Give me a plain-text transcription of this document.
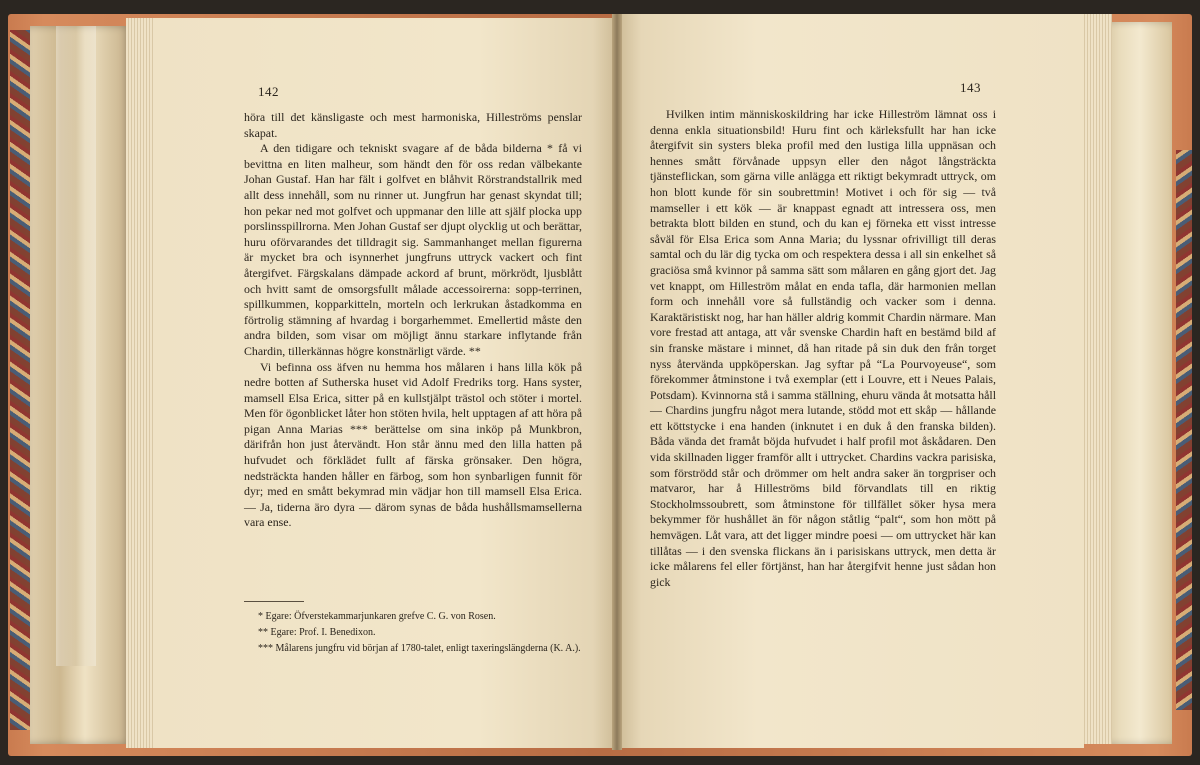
142

höra till det känsligaste och mest harmoniska, Hilleströms penslar skapat.

A den tidigare och tekniskt svagare af de båda bilderna * få vi bevittna en liten malheur, som händt den för oss redan välbekante Johan Gustaf. Han har fält i golfvet en blåhvit Rörstrandstallrik med allt dess innehåll, som nu rinner ut. Jungfrun har genast skyndat till; hon pekar ned mot golfvet och uppmanar den lille att själf plocka upp porslinsspillrorna. Men Johan Gustaf ser djupt olycklig ut och berättar, huru oförvarandes det tilldragit sig. Sammanhanget mellan figurerna är mycket bra och isynnerhet jungfruns uttryck vackert och fint återgifvet. Färgskalans dämpade ackord af brunt, mörkrödt, ljusblått och hvitt samt de omsorgsfullt målade accessoirerna: sopp-terrinen, spillkummen, kopparkitteln, morteln och lerkrukan åstadkomma en förtrolig stämning af hvardag i borgarhemmet. Emellertid måste den andra bilden, som visar om möjligt ännu starkare inflytande från Chardin, tillerkännas högre konstnärligt värde. **

Vi befinna oss äfven nu hemma hos målaren i hans lilla kök på nedre botten af Sutherska huset vid Adolf Fredriks torg. Hans syster, mamsell Elsa Erica, sitter på en kullstjälpt trästol och stöter i mortel. Men för ögonblicket låter hon stöten hvila, helt upptagen af att höra på pigan Anna Marias *** berättelse om sina inköp på Munkbron, därifrån hon just återvändt. Hon står ännu med den lilla hatten på hufvudet och förklädet fullt af färska grönsaker. Den högra, nedsträckta handen håller en färbog, som hon synbarligen funnit för dyr; med en smått bekymrad min vädjar hon till mamsell Elsa Erica. — Ja, tiderna äro dyra — därom synas de båda hushållsmamsellerna vara ense.

* Egare: Öfverstekammarjunkaren grefve C. G. von Rosen.
** Egare: Prof. I. Benedixon.
*** Målarens jungfru vid början af 1780-talet, enligt taxeringslängderna (K. A.).
143

Hvilken intim människoskildring har icke Hilleström lämnat oss i denna enkla situationsbild! Huru fint och kärleksfullt har han icke återgifvit sin systers bleka profil med den lustiga lilla uppnäsan och hennes smått förvånade uppsyn eller den något långsträckta tjänsteflickan, som gärna ville anlägga ett riktigt bekymradt uttryck, om hon blott kunde för sin soubrettmin! Motivet i och för sig — två mamseller i ett kök — är knappast egnadt att intressera oss, men betrakta blott bilden en stund, och du kan ej förneka ett visst intresse såväl för Elsa Erica som Anna Maria; du lyssnar ofrivilligt till deras samtal och du lär dig tycka om och respektera dessa i all sin enkelhet så graciösa små kvinnor på samma sätt som målaren en gång gjort det. Jag vet knappt, om Hilleström målat en enda tafla, där harmonien mellan form och innehåll vore så fullständig och vacker som i denna. Karaktäristiskt nog, har han häller aldrig kommit Chardin närmare. Man vore frestad att antaga, att vår svenske Chardin haft en bestämd bild af sin franske mästare i minnet, då han ritade på sin duk den från torget nyss återvända uppköperskan. Jag syftar på “La Pourvoyeuse“, som förekommer åtminstone i två exemplar (ett i Louvre, ett i Neues Palais, Potsdam). Kvinnorna stå i samma ställning, ehuru vända åt motsatta håll — Chardins jungfru något mera lutande, stödd mot ett skåp — hållande ett köttstycke i ena handen (inknutet i en duk å den franska bilden). Båda vända det framåt böjda hufvudet i half profil mot åskådaren. Den vida skillnaden ligger framför allt i uttrycket. Chardins vackra parisiska, som förströdd står och drömmer om helt andra saker än torgpriser och matvaror, har å Hilleströms bild förvandlats till en riktig Stockholmssoubrett, som åtminstone för tillfället söker hysa mera bekymmer för hushållet än för någon ståtlig “palt“, som hon mött på hemvägen. Låt vara, att det ligger mindre poesi — om uttrycket här kan tillåtas — i den svenska flickans än i parisiskans uttryck, men detta är icke målarens fel eller förtjänst, han har återgifvit henne just sådan hon gick
